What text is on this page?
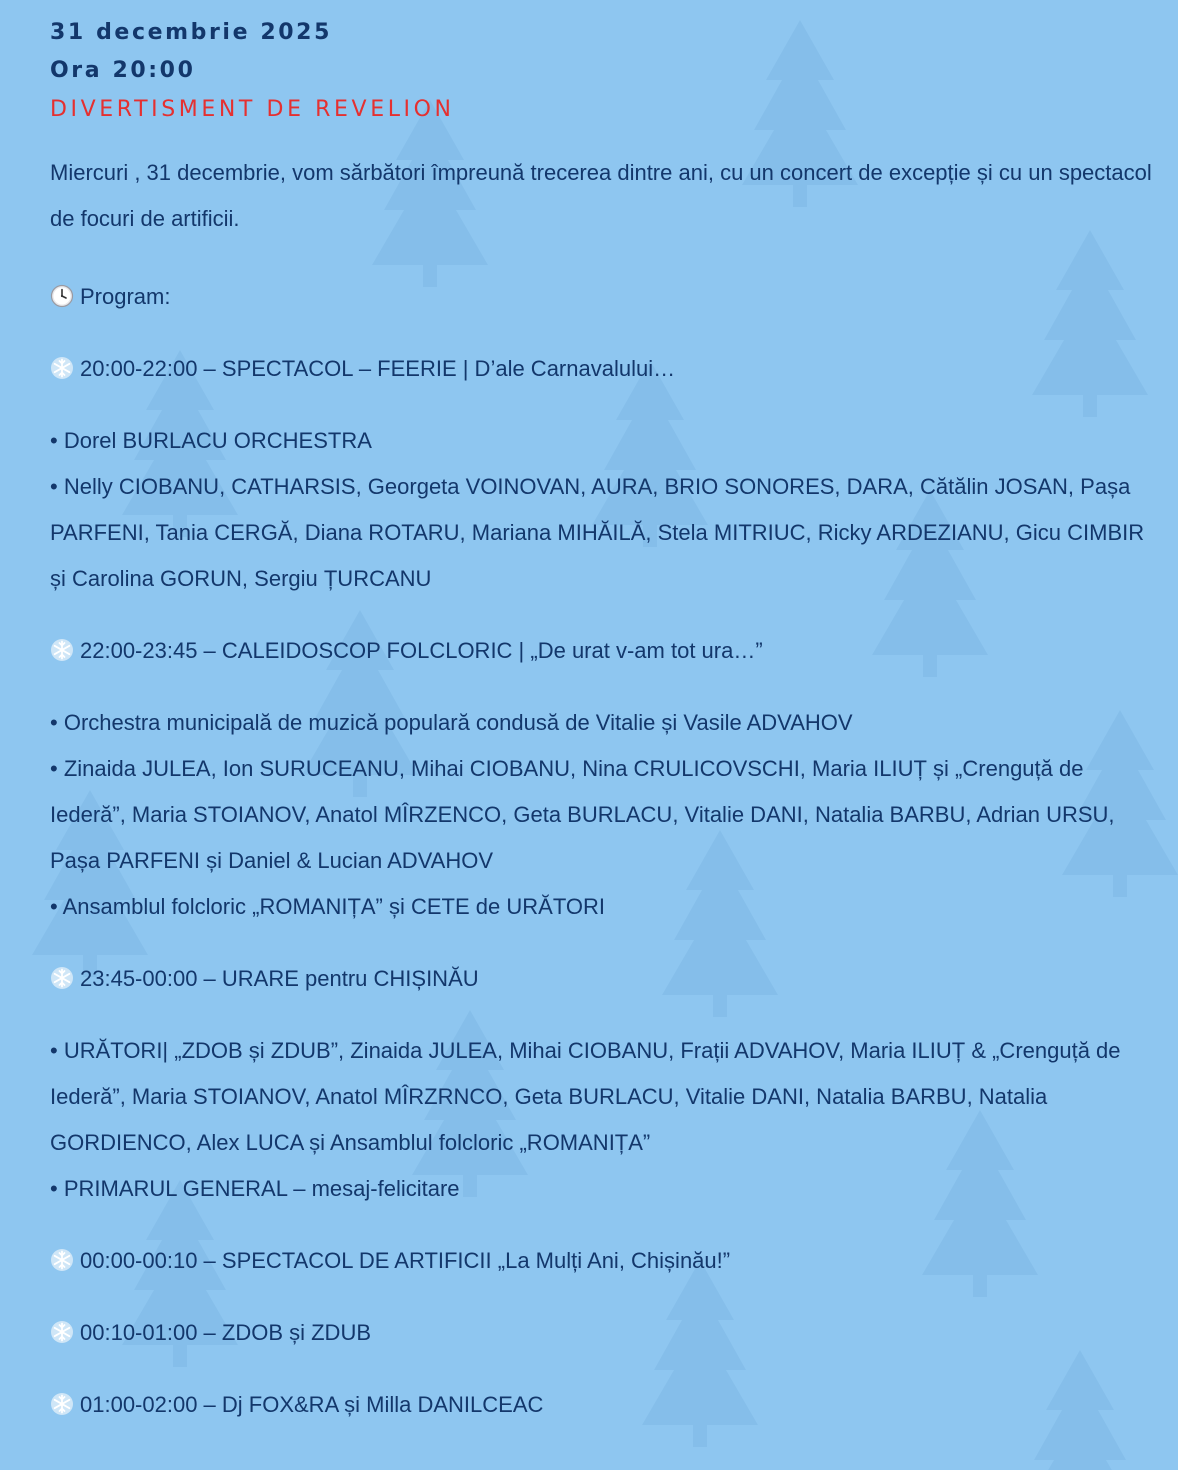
31 decembrie 2025
Ora 20:00
DIVERTISMENT DE REVELION

Miercuri , 31 decembrie, vom sărbători împreună trecerea dintre ani, cu un concert de excepție și cu un spectacol de focuri de artificii.

Program:

20:00-22:00 – SPECTACOL – FEERIE | D’ale Carnavalului…

• Dorel BURLACU ORCHESTRA
• Nelly CIOBANU, CATHARSIS, Georgeta VOINOVAN, AURA, BRIO SONORES, DARA, Cătălin JOSAN, Pașa PARFENI, Tania CERGĂ, Diana ROTARU, Mariana MIHĂILĂ, Stela MITRIUC, Ricky ARDEZIANU, Gicu CIMBIR și Carolina GORUN, Sergiu ȚURCANU

22:00-23:45 – CALEIDOSCOP FOLCLORIC | „De urat v-am tot ura…”

• Orchestra municipală de muzică populară condusă de Vitalie și Vasile ADVAHOV
• Zinaida JULEA, Ion SURUCEANU, Mihai CIOBANU, Nina CRULICOVSCHI, Maria ILIUȚ și „Crenguță de Iederă”, Maria STOIANOV, Anatol MÎRZENCO, Geta BURLACU, Vitalie DANI, Natalia BARBU, Adrian URSU, Pașa PARFENI și Daniel & Lucian ADVAHOV
• Ansamblul folcloric „ROMANIȚA” și CETE de URĂTORI

23:45-00:00 – URARE pentru CHIȘINĂU

• URĂTORI| „ZDOB și ZDUB”, Zinaida JULEA, Mihai CIOBANU, Frații ADVAHOV, Maria ILIUȚ & „Crenguță de Iederă”, Maria STOIANOV, Anatol MÎRZRNCO, Geta BURLACU, Vitalie DANI, Natalia BARBU, Natalia GORDIENCO, Alex LUCA și Ansamblul folcloric „ROMANIȚA”
• PRIMARUL GENERAL – mesaj-felicitare

00:00-00:10 – SPECTACOL DE ARTIFICII „La Mulți Ani, Chișinău!”

00:10-01:00 – ZDOB și ZDUB

01:00-02:00 – Dj FOX&RA și Milla DANILCEAC
